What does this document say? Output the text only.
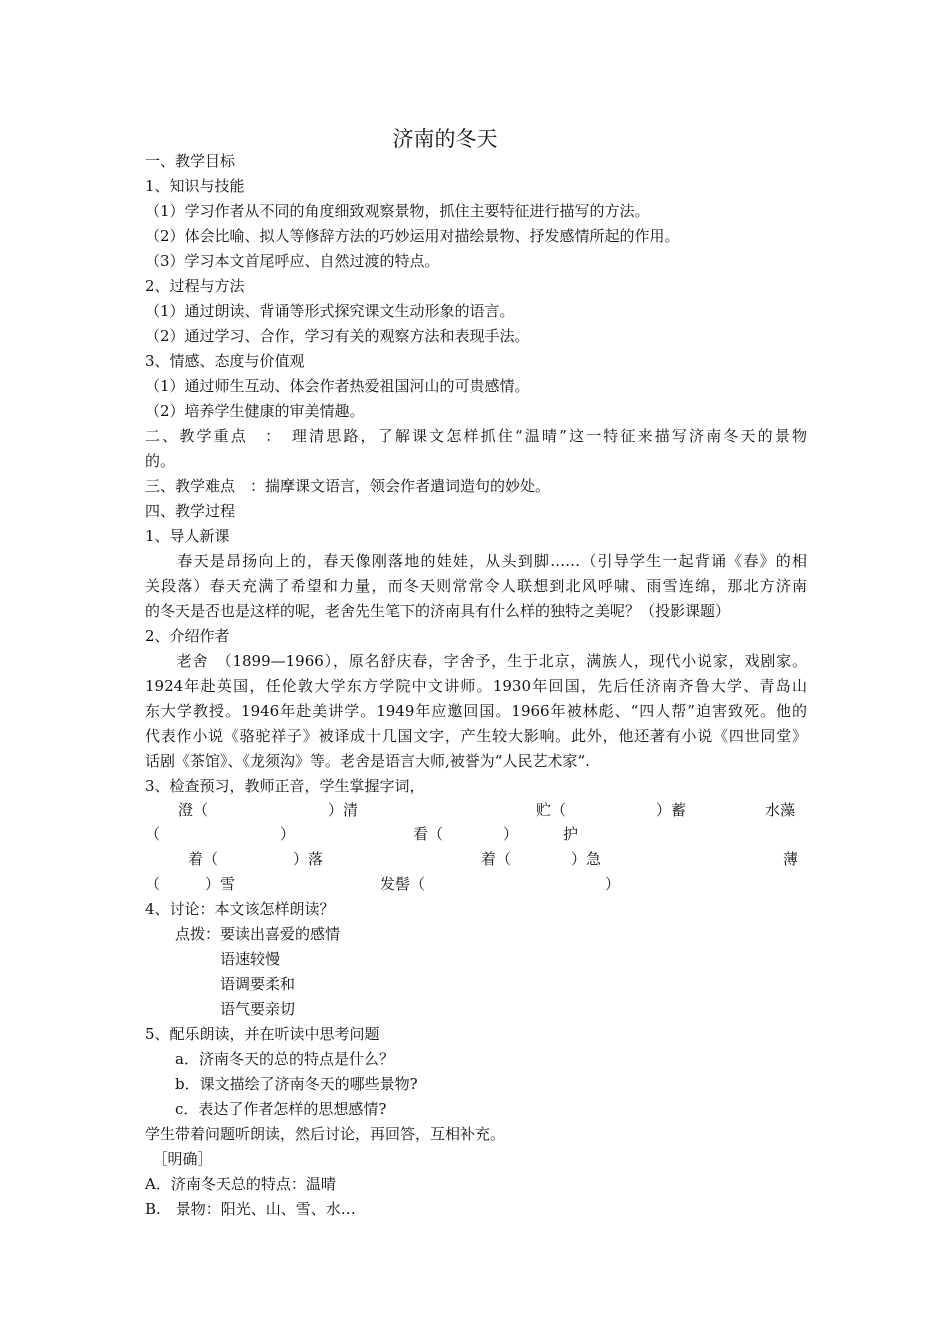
济南的冬天
一、教学目标
1、知识与技能
（1）学习作者从不同的角度细致观察景物，抓住主要特征进行描写的方法。
（2）体会比喻、拟人等修辞方法的巧妙运用对描绘景物、抒发感情所起的作用。
（3）学习本文首尾呼应、自然过渡的特点。
2、过程与方法
（1）通过朗读、背诵等形式探究课文生动形象的语言。
（2）通过学习、合作，学习有关的观察方法和表现手法。
3、情感、态度与价值观
（1）通过师生互动、体会作者热爱祖国河山的可贵感情。
（2）培养学生健康的审美情趣。
二、教学重点　：　理清思路，了解课文怎样抓住“温晴”这一特征来描写济南冬天的景物
的。
三、教学难点　：揣摩课文语言，领会作者遣词造句的妙处。
四、教学过程
1、导人新课
　　春天是昂扬向上的，春天像刚落地的娃娃，从头到脚……（引导学生一起背诵《春》的相
关段落）春天充满了希望和力量，而冬天则常常令人联想到北风呼啸、雨雪连绵，那北方济南
的冬天是否也是这样的呢，老舍先生笔下的济南具有什么样的独特之美呢？（投影课题）
2、介绍作者
　　老舍　（1899—1966），原名舒庆春，字舍予，生于北京，满族人，现代小说家，戏剧家。
1924年赴英国，任伦敦大学东方学院中文讲师。1930年回国，先后任济南齐鲁大学、青岛山
东大学教授。1946年赴美讲学。1949年应邀回国。1966年被林彪、“四人帮”迫害致死。他的
代表作小说《骆驼祥子》被译成十几国文字，产生较大影响。此外，他还著有小说《四世同堂》
话剧《茶馆》、《龙须沟》等。老舍是语言大师,被誉为“人民艺术家“.
3、检查预习，教师正音，学生掌握字词，
澄（　　　　　　　　）清	贮（　　　　　　）蓄	水藻
（　　　　　　　　）	看（　　　　）	护
着（　　　　　）落	着（　　　　）急	薄
（　　　）雪	发髻（　　　　　　　　　　　　）
4、讨论：本文该怎样朗读？
　　点拨：要读出喜爱的感情
　　　　　语速较慢
　　　　　语调要柔和
　　　　　语气要亲切
5、配乐朗读，并在听读中思考问题
　　a．济南冬天的总的特点是什么？
　　b．课文描绘了济南冬天的哪些景物?
　　c．表达了作者怎样的思想感情?
学生带着问题听朗读，然后讨论，再回答，互相补充。
　［明确］
A．济南冬天总的特点：温晴
B.　景物：阳光、山、雪、水…
